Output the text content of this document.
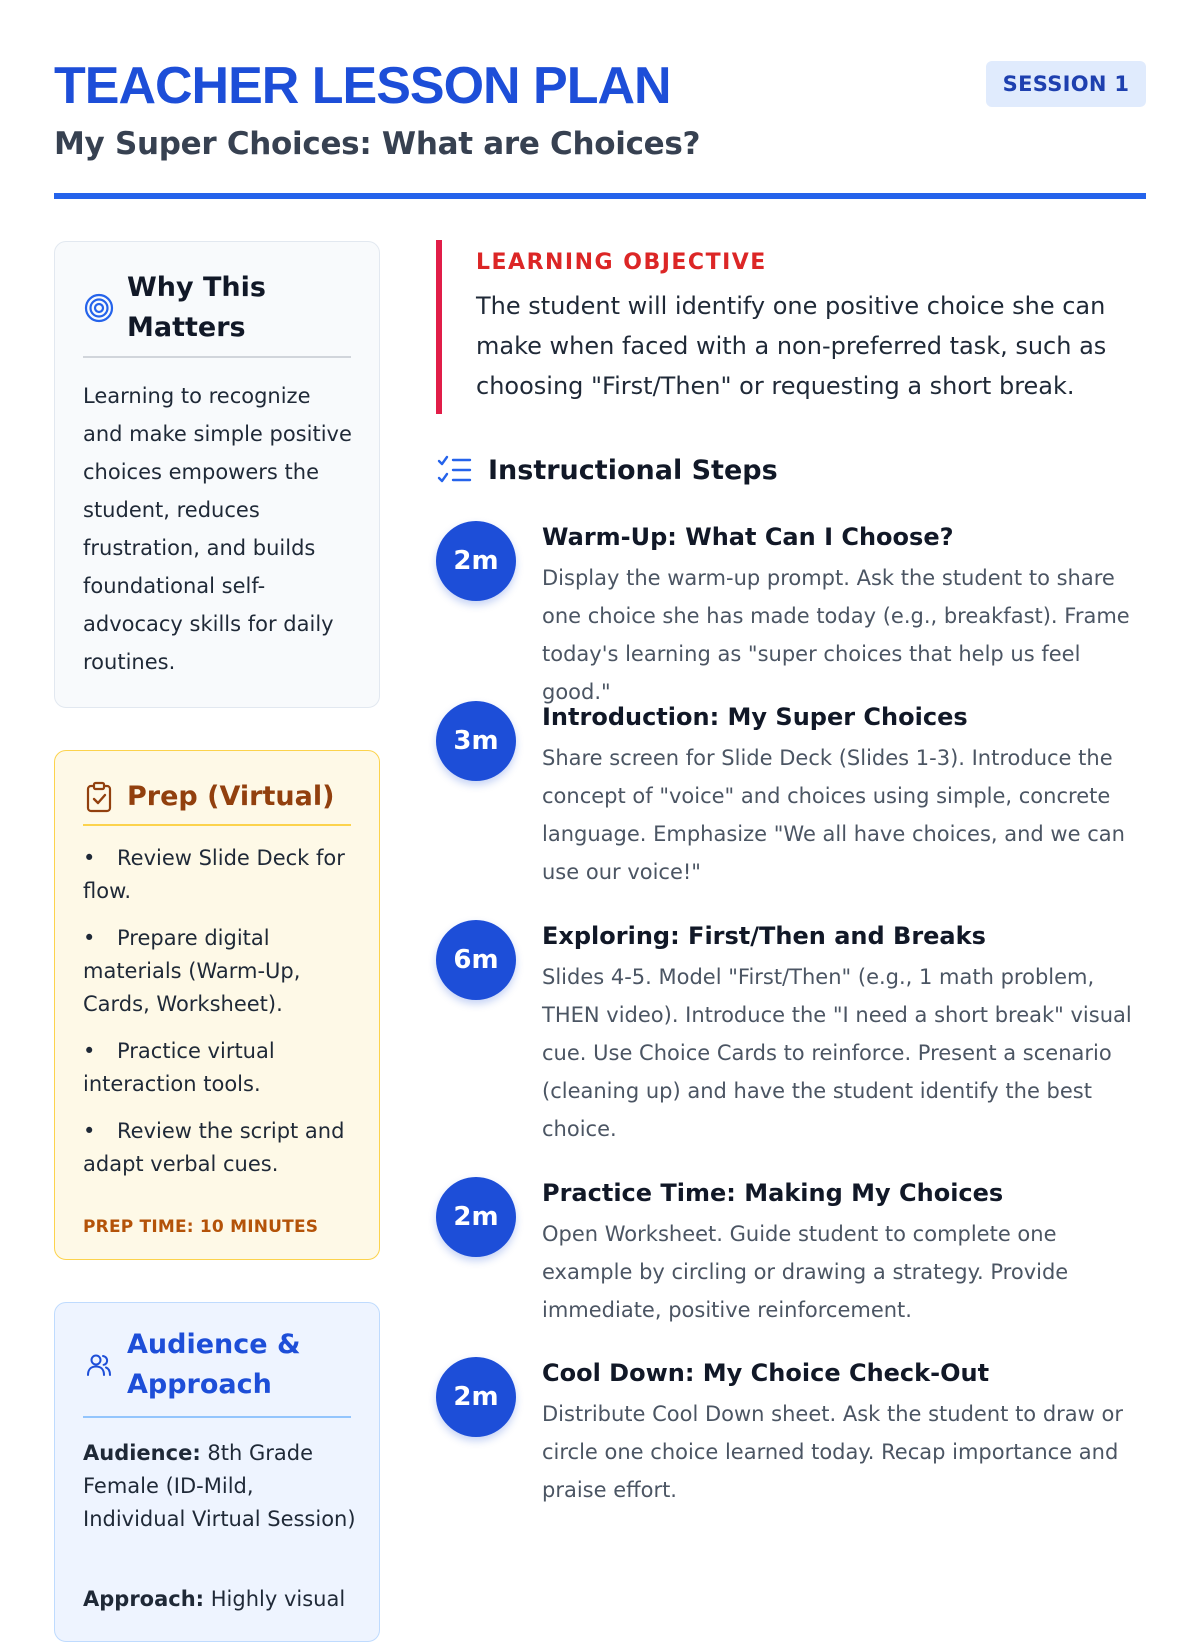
TEACHER LESSON PLAN
My Super Choices: What are Choices?
SESSION 1
Why This Matters

Learning to recognize and make simple positive choices empowers the student, reduces frustration, and builds foundational self-advocacy skills for daily routines.

Prep (Virtual)
• Review Slide Deck for flow.
• Prepare digital materials (Warm-Up, Cards, Worksheet).
• Practice virtual interaction tools.
• Review the script and adapt verbal cues.
PREP TIME: 10 MINUTES
Audience & Approach

Audience: 8th Grade Female (ID-Mild, Individual Virtual Session)

Approach: Highly visual

LEARNING OBJECTIVE

The student will identify one positive choice she can make when faced with a non-preferred task, such as choosing "First/Then" or requesting a short break.

Instructional Steps
2m
Warm-Up: What Can I Choose?

Display the warm-up prompt. Ask the student to share one choice she has made today (e.g., breakfast). Frame today's learning as "super choices that help us feel good."

3m
Introduction: My Super Choices

Share screen for Slide Deck (Slides 1-3). Introduce the concept of "voice" and choices using simple, concrete language. Emphasize "We all have choices, and we can use our voice!"

6m
Exploring: First/Then and Breaks

Slides 4-5. Model "First/Then" (e.g., 1 math problem, THEN video). Introduce the "I need a short break" visual cue. Use Choice Cards to reinforce. Present a scenario (cleaning up) and have the student identify the best choice.

2m
Practice Time: Making My Choices

Open Worksheet. Guide student to complete one example by circling or drawing a strategy. Provide immediate, positive reinforcement.

2m
Cool Down: My Choice Check-Out

Distribute Cool Down sheet. Ask the student to draw or circle one choice learned today. Recap importance and praise effort.
